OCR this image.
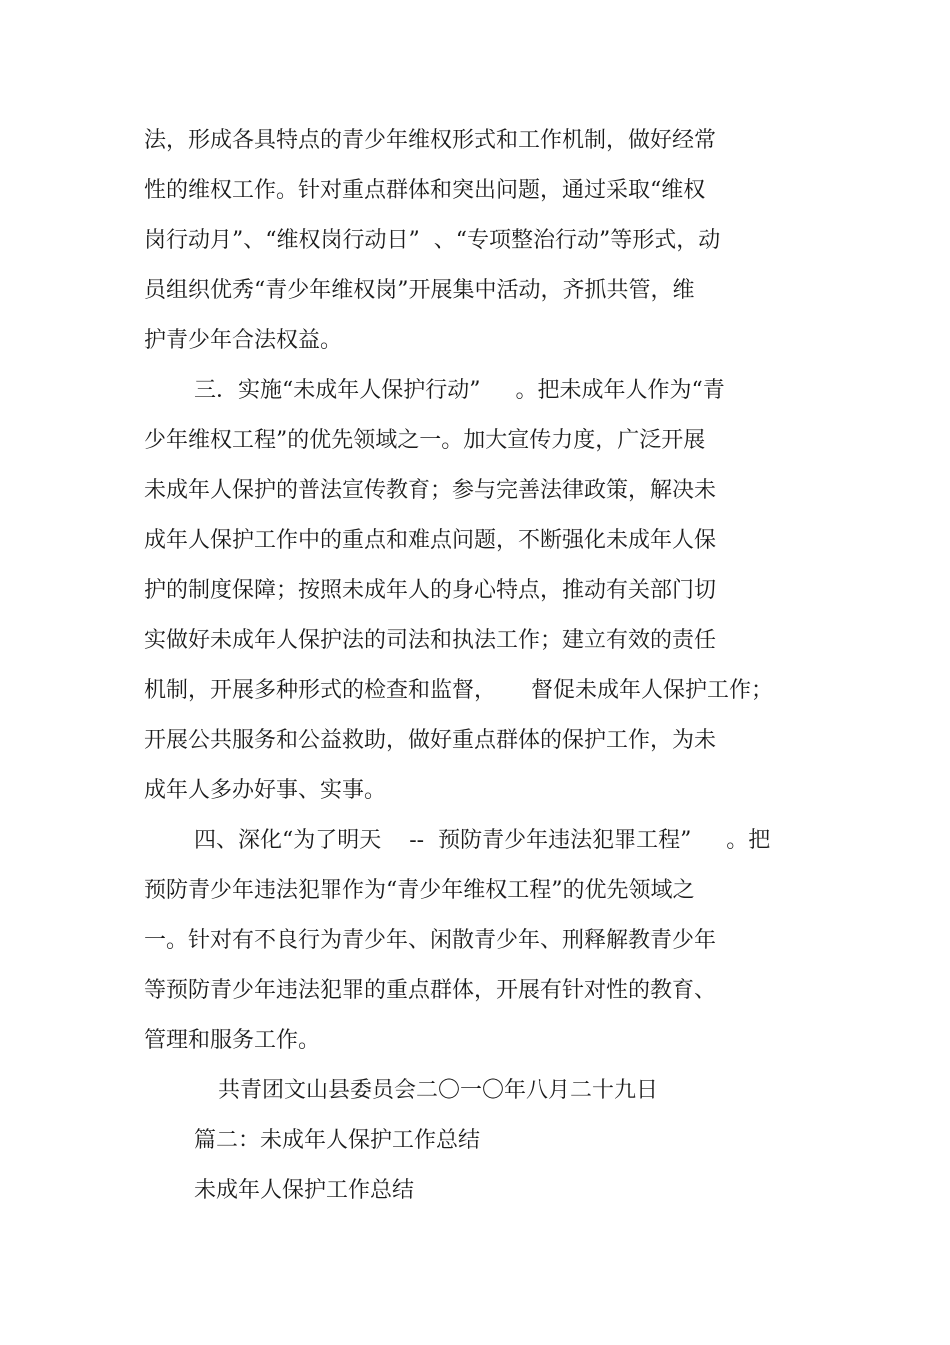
法，形成各具特点的青少年维权形式和工作机制，做好经常
性的维权工作。针对重点群体和突出问题，通过采取“维权
岗行动月”、“维权岗行动日”  、“专项整治行动”等形式，动
员组织优秀“青少年维权岗”开展集中活动，齐抓共管，维
护青少年合法权益。
三．实施“未成年人保护行动”     。把未成年人作为“青
少年维权工程”的优先领域之一。加大宣传力度，广泛开展
未成年人保护的普法宣传教育；参与完善法律政策，解决未
成年人保护工作中的重点和难点问题，不断强化未成年人保
护的制度保障；按照未成年人的身心特点，推动有关部门切
实做好未成年人保护法的司法和执法工作；建立有效的责任
机制，开展多种形式的检查和监督，     督促未成年人保护工作；
开展公共服务和公益救助，做好重点群体的保护工作，为未
成年人多办好事、实事。
四、深化“为了明天    --  预防青少年违法犯罪工程”     。把
预防青少年违法犯罪作为“青少年维权工程”的优先领域之
一。针对有不良行为青少年、闲散青少年、刑释解教青少年
等预防青少年违法犯罪的重点群体，开展有针对性的教育、
管理和服务工作。
共青团文山县委员会二〇一〇年八月二十九日
篇二：未成年人保护工作总结
未成年人保护工作总结
